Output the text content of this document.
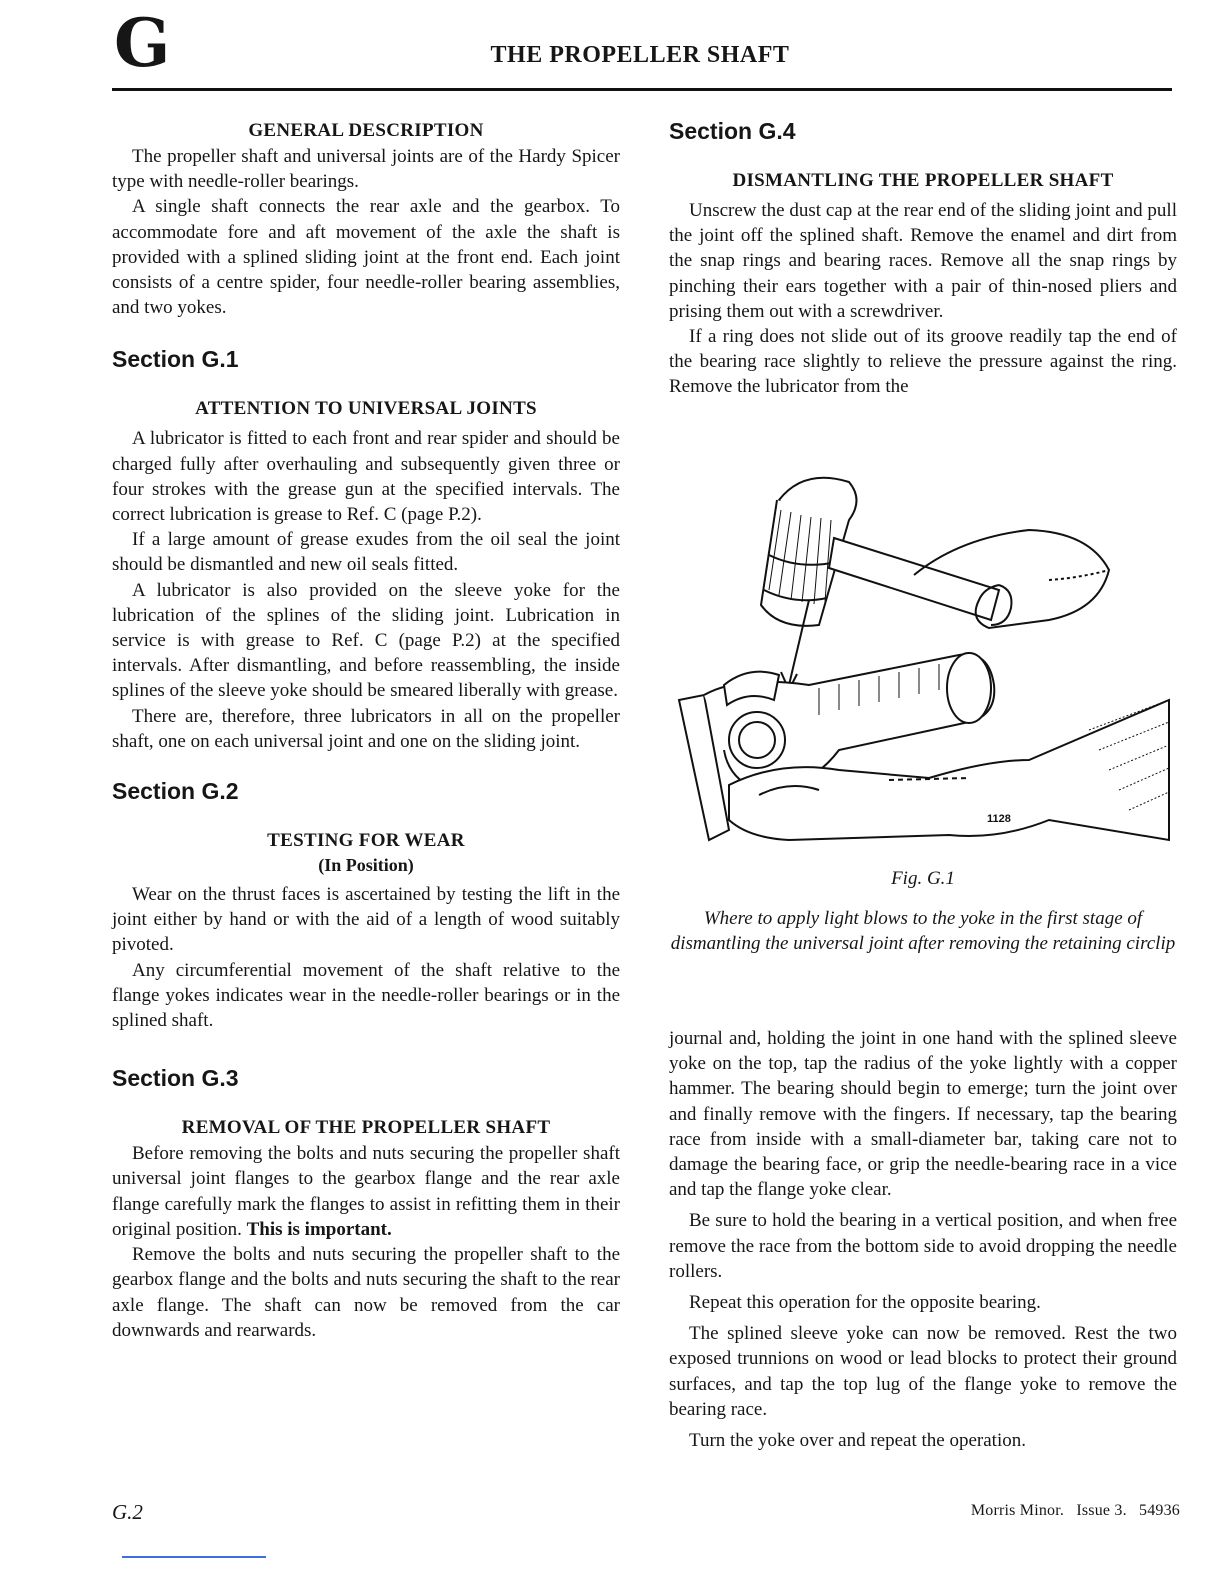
G	THE PROPELLER SHAFT
GENERAL DESCRIPTION

The propeller shaft and universal joints are of the Hardy Spicer type with needle-roller bearings.

A single shaft connects the rear axle and the gearbox. To accommodate fore and aft movement of the axle the shaft is provided with a splined sliding joint at the front end. Each joint consists of a centre spider, four needle-roller bearing assemblies, and two yokes.

Section G.1
ATTENTION TO UNIVERSAL JOINTS

A lubricator is fitted to each front and rear spider and should be charged fully after overhauling and subsequently given three or four strokes with the grease gun at the specified intervals. The correct lubrication is grease to Ref. C (page P.2).

If a large amount of grease exudes from the oil seal the joint should be dismantled and new oil seals fitted.

A lubricator is also provided on the sleeve yoke for the lubrication of the splines of the sliding joint. Lubrication in service is with grease to Ref. C (page P.2) at the specified intervals. After dismantling, and before reassembling, the inside splines of the sleeve yoke should be smeared liberally with grease.

There are, therefore, three lubricators in all on the propeller shaft, one on each universal joint and one on the sliding joint.

Section G.2
TESTING FOR WEAR
(In Position)

Wear on the thrust faces is ascertained by testing the lift in the joint either by hand or with the aid of a length of wood suitably pivoted.

Any circumferential movement of the shaft relative to the flange yokes indicates wear in the needle-roller bearings or in the splined shaft.

Section G.3
REMOVAL OF THE PROPELLER SHAFT

Before removing the bolts and nuts securing the propeller shaft universal joint flanges to the gearbox flange and the rear axle flange carefully mark the flanges to assist in refitting them in their original position. This is important.

Remove the bolts and nuts securing the propeller shaft to the gearbox flange and the bolts and nuts securing the shaft to the rear axle flange. The shaft can now be removed from the car downwards and rearwards.

Section G.4
DISMANTLING THE PROPELLER SHAFT

Unscrew the dust cap at the rear end of the sliding joint and pull the joint off the splined shaft. Remove the enamel and dirt from the snap rings and bearing races. Remove all the snap rings by pinching their ears together with a pair of thin-nosed pliers and prising them out with a screwdriver.

If a ring does not slide out of its groove readily tap the end of the bearing race slightly to relieve the pressure against the ring. Remove the lubricator from the

1128
Fig. G.1
Where to apply light blows to the yoke in the first stage of dismantling the universal joint after removing the retaining circlip

journal and, holding the joint in one hand with the splined sleeve yoke on the top, tap the radius of the yoke lightly with a copper hammer. The bearing should begin to emerge; turn the joint over and finally remove with the fingers. If necessary, tap the bearing race from inside with a small-diameter bar, taking care not to damage the bearing face, or grip the needle-bearing race in a vice and tap the flange yoke clear.

Be sure to hold the bearing in a vertical position, and when free remove the race from the bottom side to avoid dropping the needle rollers.

Repeat this operation for the opposite bearing.

The splined sleeve yoke can now be removed. Rest the two exposed trunnions on wood or lead blocks to protect their ground surfaces, and tap the top lug of the flange yoke to remove the bearing race.

Turn the yoke over and repeat the operation.

G.2	Morris Minor. Issue 3. 54936
